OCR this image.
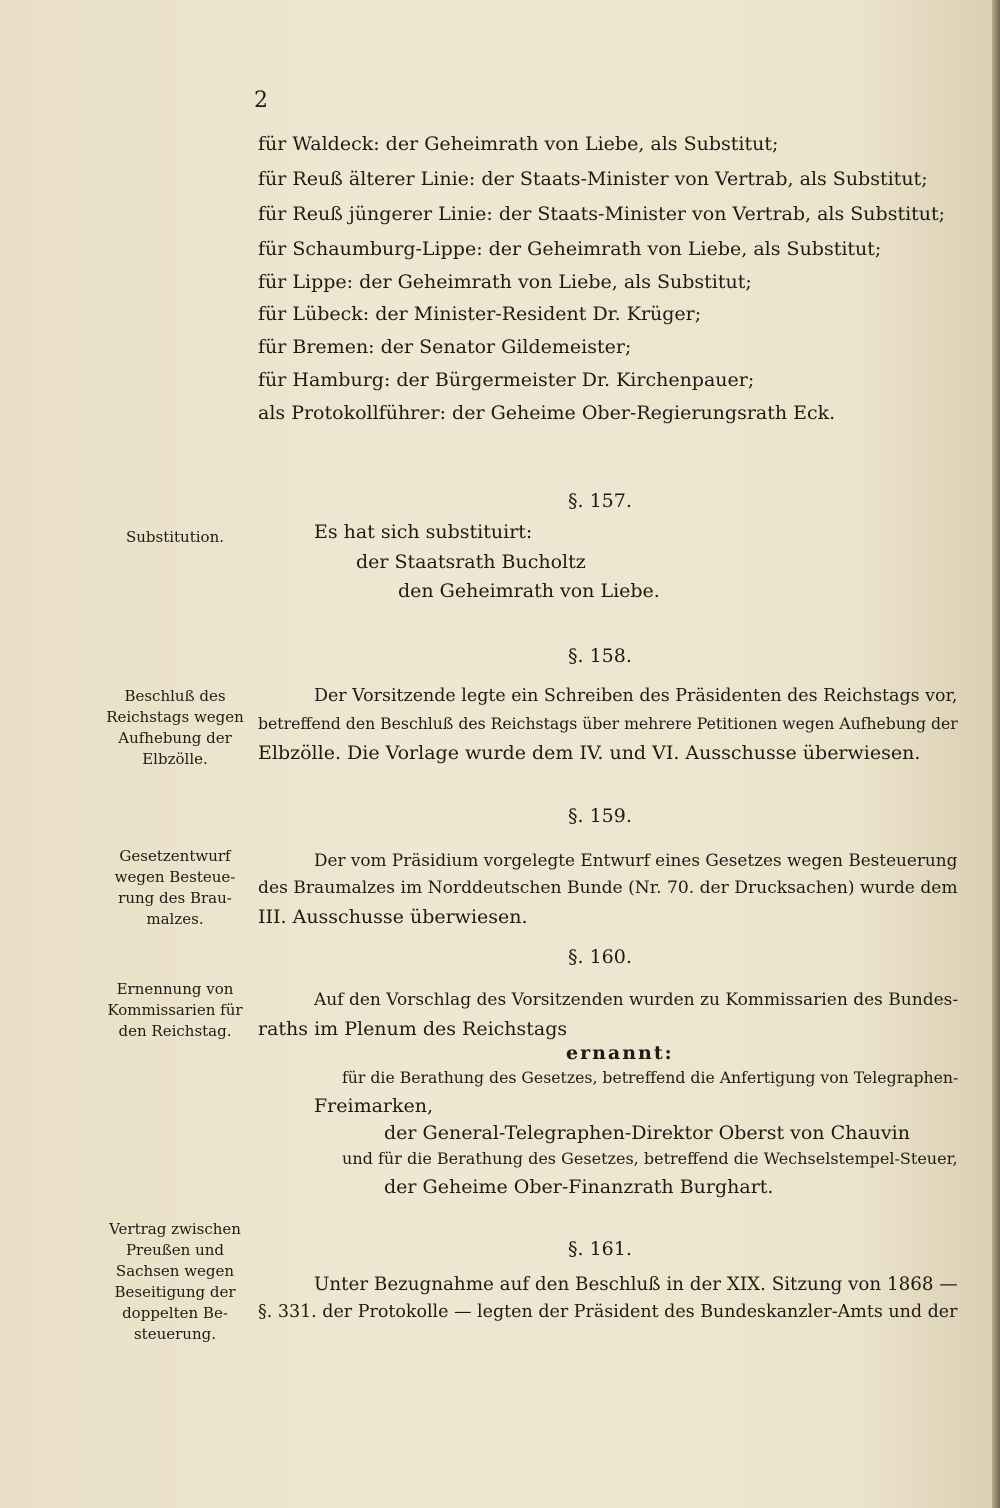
2
für Waldeck: der Geheimrath von Liebe, als Substitut;
für Reuß älterer Linie: der Staats-Minister von Vertrab, als Substitut;
für Reuß jüngerer Linie: der Staats-Minister von Vertrab, als Substitut;
für Schaumburg-Lippe: der Geheimrath von Liebe, als Substitut;
für Lippe: der Geheimrath von Liebe, als Substitut;
für Lübeck: der Minister-Resident Dr. Krüger;
für Bremen: der Senator Gildemeister;
für Hamburg: der Bürgermeister Dr. Kirchenpauer;
als Protokollführer: der Geheime Ober-Regierungsrath Eck.
§. 157.
Substitution.	Es hat sich substituirt:
der Staatsrath Bucholtz
den Geheimrath von Liebe.
§. 158.
Beschluß des
Reichstags wegen
Aufhebung der
Elbzölle.
Der Vorsitzende legte ein Schreiben des Präsidenten des Reichstags vor,
betreffend den Beschluß des Reichstags über mehrere Petitionen wegen Aufhebung der
Elbzölle. Die Vorlage wurde dem IV. und VI. Ausschusse überwiesen.
§. 159.
Gesetzentwurf
wegen Besteue-
rung des Brau-
malzes.
Der vom Präsidium vorgelegte Entwurf eines Gesetzes wegen Besteuerung
des Braumalzes im Norddeutschen Bunde (Nr. 70. der Drucksachen) wurde dem
III. Ausschusse überwiesen.
§. 160.
Ernennung von
Kommissarien für
den Reichstag.
Auf den Vorschlag des Vorsitzenden wurden zu Kommissarien des Bundes-
raths im Plenum des Reichstags
ernannt:
für die Berathung des Gesetzes, betreffend die Anfertigung von Telegraphen-
Freimarken,
der General-Telegraphen-Direktor Oberst von Chauvin
und für die Berathung des Gesetzes, betreffend die Wechselstempel-Steuer,
der Geheime Ober-Finanzrath Burghart.
§. 161.
Vertrag zwischen
Preußen und
Sachsen wegen
Beseitigung der
doppelten Be-
steuerung.
Unter Bezugnahme auf den Beschluß in der XIX. Sitzung von 1868 —
§. 331. der Protokolle — legten der Präsident des Bundeskanzler-Amts und der
